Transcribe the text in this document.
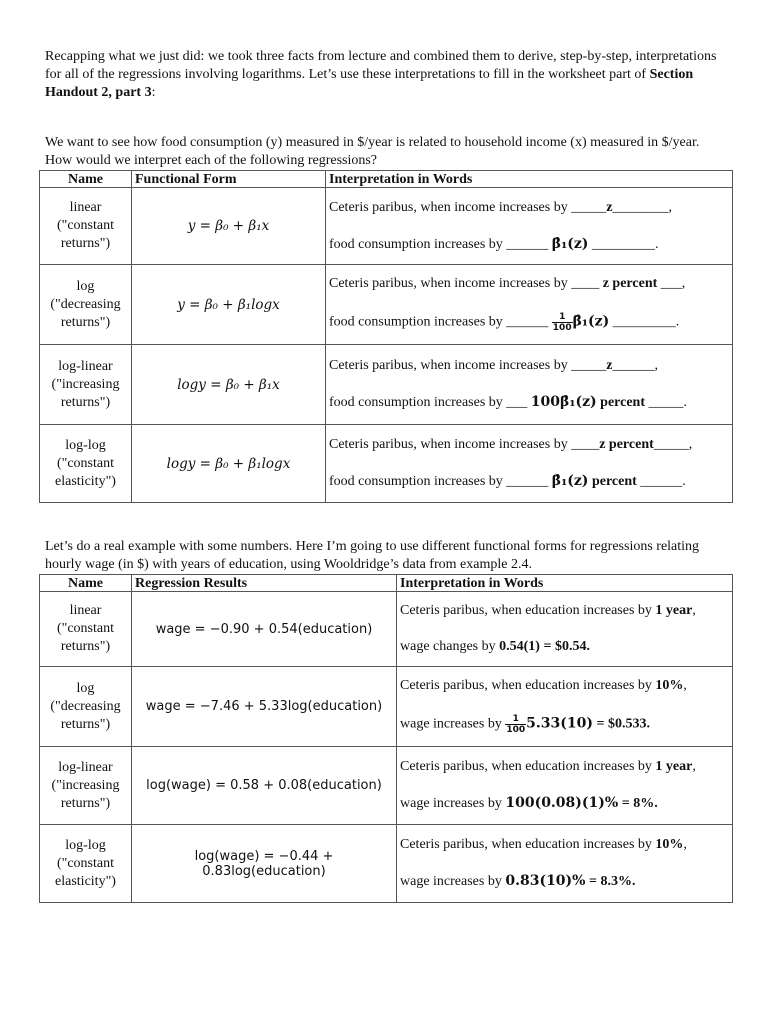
Recapping what we just did: we took three facts from lecture and combined them to derive, step-by-step, interpretations for all of the regressions involving logarithms. Let’s use these interpretations to fill in the worksheet part of Section Handout 2, part 3:
We want to see how food consumption (y) measured in $/year is related to household income (x) measured in $/year. How would we interpret each of the following regressions?
Name	Functional Form	Interpretation in Words
linear
("constant
returns")	y = β₀ + β₁x	Ceteris paribus, when income increases by _____z________,
food consumption increases by ______ β̂₁(z) _________.

log
("decreasing
returns")	y = β₀ + β₁logx	Ceteris paribus, when income increases by ____ z percent ___,
food consumption increases by ______ $\frac{1}{100}$ β̂₁(z) _________.

log-linear
("increasing
returns")	logy = β₀ + β₁x	Ceteris paribus, when income increases by _____z______,
food consumption increases by ___ 100β̂₁(z) percent _____.

log-log
("constant
elasticity")	logy = β₀ + β₁logx	Ceteris paribus, when income increases by ____z percent_____,
food consumption increases by ______ β̂₁(z) percent ______.
Let’s do a real example with some numbers. Here I’m going to use different functional forms for regressions relating hourly wage (in $) with years of education, using Wooldridge’s data from example 2.4.
Name	Regression Results	Interpretation in Words
linear
("constant
returns")	wage = −0.90 + 0.54(education)	Ceteris paribus, when education increases by 1 year,
wage changes by 0.54(1) = $0.54.

log
("decreasing
returns")	wage = −7.46 + 5.33log(education)	Ceteris paribus, when education increases by 10%,
wage increases by $\frac{1}{100} 5.33(10)$ = $0.533.

log-linear
("increasing
returns")	log(wage) = 0.58 + 0.08(education)	Ceteris paribus, when education increases by 1 year,
wage increases by 100(0.08)(1)% = 8%.

log-log
("constant
elasticity")	log(wage) = −0.44 + 0.83log(education)	Ceteris paribus, when education increases by 10%,
wage increases by 0.83(10)% = 8.3%.
